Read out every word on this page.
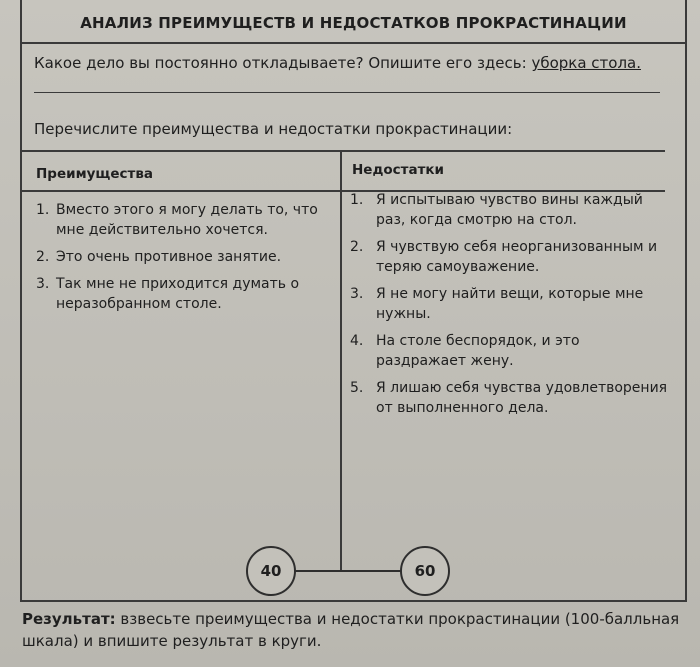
АНАЛИЗ ПРЕИМУЩЕСТВ И НЕДОСТАТКОВ ПРОКРАСТИНАЦИИ
Какое дело вы постоянно откладываете? Опишите его здесь: уборка стола.
Перечислите преимущества и недостатки прокрастинации:
Преимущества	Недостатки
1. Вместо этого я могу делать то, что мне действительно хочется.
2. Это очень противное занятие.
3. Так мне не приходится думать о неразобранном столе.
1. Я испытываю чувство вины каждый раз, когда смотрю на стол.
2. Я чувствую себя неорганизованным и теряю самоуважение.
3. Я не могу найти вещи, которые мне нужны.
4. На столе беспорядок, и это раздражает жену.
5. Я лишаю себя чувства удовлетворения от выполненного дела.
40	60
Результат: взвесьте преимущества и недостатки прокрастинации (100-балльная шкала) и впишите результат в круги.
